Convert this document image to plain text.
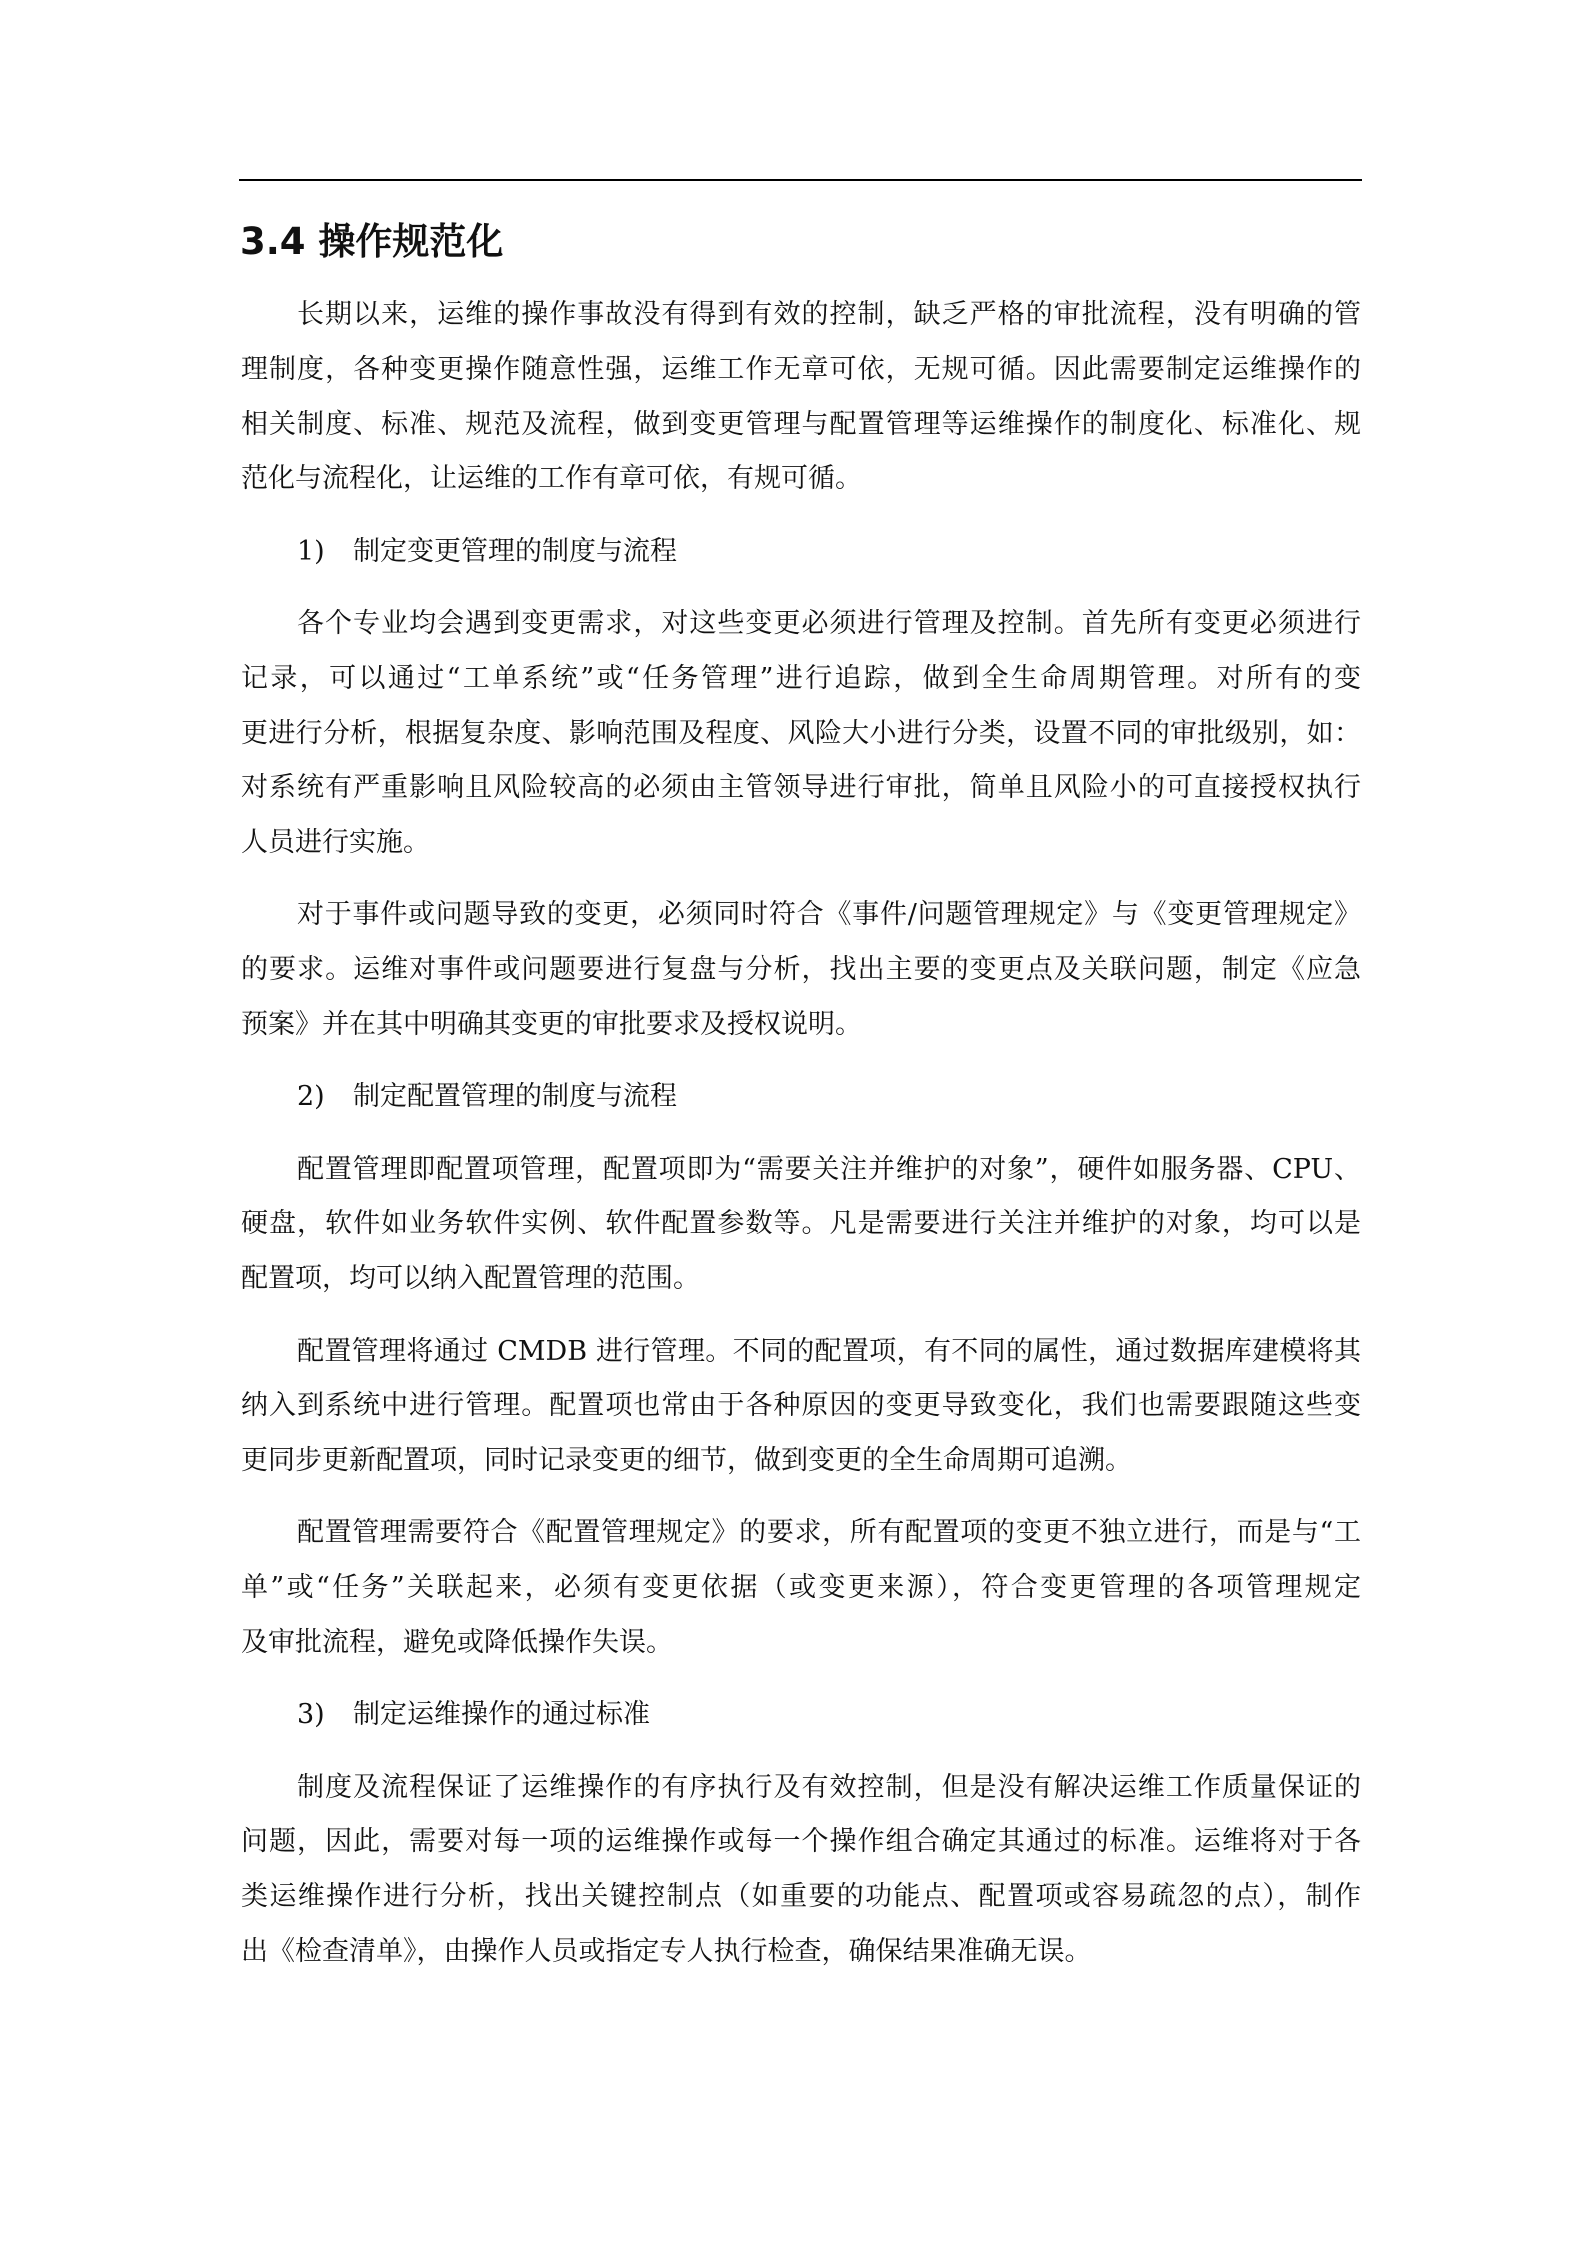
3.4 操作规范化
长期以来，运维的操作事故没有得到有效的控制，缺乏严格的审批流程，没有明确的管
理制度，各种变更操作随意性强，运维工作无章可依，无规可循。因此需要制定运维操作的
相关制度、标准、规范及流程，做到变更管理与配置管理等运维操作的制度化、标准化、规
范化与流程化，让运维的工作有章可依，有规可循。
1) 制定变更管理的制度与流程
各个专业均会遇到变更需求，对这些变更必须进行管理及控制。首先所有变更必须进行
记录，可以通过“工单系统”或“任务管理”进行追踪，做到全生命周期管理。对所有的变
更进行分析，根据复杂度、影响范围及程度、风险大小进行分类，设置不同的审批级别，如：
对系统有严重影响且风险较高的必须由主管领导进行审批，简单且风险小的可直接授权执行
人员进行实施。
对于事件或问题导致的变更，必须同时符合《事件/问题管理规定》与《变更管理规定》
的要求。运维对事件或问题要进行复盘与分析，找出主要的变更点及关联问题，制定《应急
预案》并在其中明确其变更的审批要求及授权说明。
2) 制定配置管理的制度与流程
配置管理即配置项管理，配置项即为“需要关注并维护的对象”，硬件如服务器、CPU、
硬盘，软件如业务软件实例、软件配置参数等。凡是需要进行关注并维护的对象，均可以是
配置项，均可以纳入配置管理的范围。
配置管理将通过 CMDB 进行管理。不同的配置项，有不同的属性，通过数据库建模将其
纳入到系统中进行管理。配置项也常由于各种原因的变更导致变化，我们也需要跟随这些变
更同步更新配置项，同时记录变更的细节，做到变更的全生命周期可追溯。
配置管理需要符合《配置管理规定》的要求，所有配置项的变更不独立进行，而是与“工
单”或“任务”关联起来，必须有变更依据（或变更来源），符合变更管理的各项管理规定
及审批流程，避免或降低操作失误。
3) 制定运维操作的通过标准
制度及流程保证了运维操作的有序执行及有效控制，但是没有解决运维工作质量保证的
问题，因此，需要对每一项的运维操作或每一个操作组合确定其通过的标准。运维将对于各
类运维操作进行分析，找出关键控制点（如重要的功能点、配置项或容易疏忽的点），制作
出《检查清单》，由操作人员或指定专人执行检查，确保结果准确无误。
